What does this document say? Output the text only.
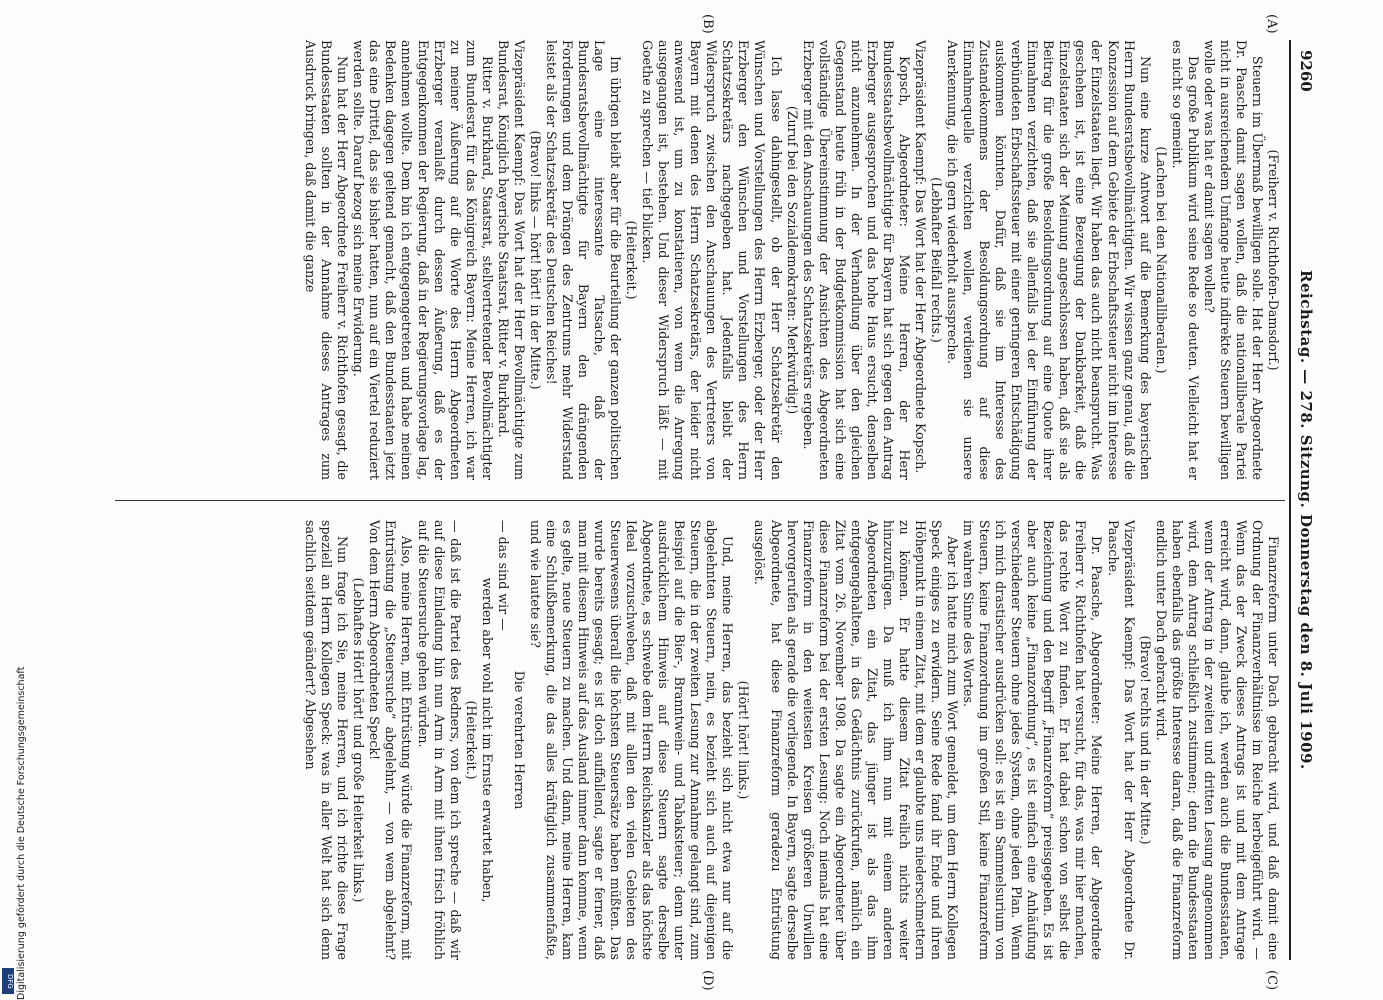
9260
Reichstag. — 278. Sitzung. Donnerstag den 8. Juli 1909.
(A)
(B)
(C)
(D)

(Freiherr v. Richthofen-Damsdorf.)

Steuern im Übermaß bewilligen solle. Hat der Herr Abgeordnete Dr. Paasche damit sagen wollen, daß die nationalliberale Partei nicht in ausreichendem Umfange heute indirekte Steuern bewilligen wolle oder was hat er damit sagen wollen?

Das große Publikum wird seine Rede so deuten. Vielleicht hat er es nicht so gemeint.

(Lachen bei den Nationalliberalen.)

Nun eine kurze Antwort auf die Bemerkung des bayerischen Herrn Bundesratsbevollmächtigten. Wir wissen ganz genau, daß die Konzession auf dem Gebiete der Erbschaftssteuer nicht im Interesse der Einzelstaaten liegt. Wir haben das auch nicht beansprucht. Was geschehen ist, ist eine Bezeugung der Dankbarkeit, daß die Einzelstaaten sich der Meinung angeschlossen haben, daß sie als Beitrag für die große Besoldungsordnung auf eine Quote ihrer Einnahmen verzichten, daß sie allenfalls bei der Einführung der verbündeten Erbschaftssteuer mit einer geringeren Entschädigung auskommen könnten. Dafür, daß sie im Interesse des Zustandekommens der Besoldungsordnung auf diese Einnahmequelle verzichten wollen, verdienen sie unsere Anerkennung, die ich gern wiederholt ausspreche.

(Lebhafter Beifall rechts.)

Vizepräsident Kaempf: Das Wort hat der Herr Abgeordnete Kopsch.

Kopsch, Abgeordneter: Meine Herren, der Herr Bundesstaatsbevollmächtigte für Bayern hat sich gegen den Antrag Erzberger ausgesprochen und das hohe Haus ersucht, denselben nicht anzunehmen. In der Verhandlung über den gleichen Gegenstand heute früh in der Budgetkommission hat sich eine vollständige Übereinstimmung der Ansichten des Abgeordneten Erzberger mit den Anschauungen des Schatzsekretärs ergeben.

(Zuruf bei den Sozialdemokraten: Merkwürdig!)

Ich lasse dahingestellt, ob der Herr Schatzsekretär den Wünschen und Vorstellungen des Herrn Erzberger, oder der Herr Erzberger den Wünschen und Vorstellungen des Herrn Schatzsekretärs nachgegeben hat. Jedenfalls bleibt der Widerspruch zwischen den Anschauungen des Vertreters von Bayern mit denen des Herrn Schatzsekretärs, der leider nicht anwesend ist, um zu konstatieren, von wem die Anregung ausgegangen ist, bestehen. Und dieser Widerspruch läßt — mit Goethe zu sprechen — tief blicken.

(Heiterkeit.)

Im übrigen bleibt aber für die Beurteilung der ganzen politischen Lage eine interessante Tatsache, daß der Bundesratsbevollmächtigte für Bayern den drängenden Forderungen und dem Drängen des Zentrums mehr Widerstand leistet als der Schatzsekretär des Deutschen Reiches!

(Bravo! links — hört! hört! in der Mitte.)

Vizepräsident Kaempf: Das Wort hat der Herr Bevollmächtigte zum Bundesrat, Königlich bayerische Staatsrat, Ritter v. Burkhard.

Ritter v. Burkhard, Staatsrat, stellvertretender Bevollmächtigter zum Bundesrat für das Königreich Bayern: Meine Herren, ich war zu meiner Äußerung auf die Worte des Herrn Abgeordneten Erzberger veranlaßt durch dessen Äußerung, daß es der Entgegenkommen der Regierung, daß in der Regierungsvorlage lag, annehmen wollte. Dem bin ich entgegengetreten und habe meinen Bedenken dagegen geltend gemacht, daß den Bundesstaaten jetzt das eine Drittel, das sie bisher hatten, nun auf ein Viertel reduziert werden sollte. Darauf bezog sich meine Erwiderung.

Nun hat der Herr Abgeordnete Freiherr v. Richthofen gesagt, die Bundesstaaten sollten in der Annahme dieses Antrages zum Ausdruck bringen, daß damit die ganze

Finanzreform unter Dach gebracht wird, und daß damit eine Ordnung der Finanzverhältnisse im Reiche herbeigeführt wird. — Wenn das der Zweck dieses Antrags ist und mit dem Antrage erreicht wird, dann, glaube ich, werden auch die Bundesstaaten, wenn der Antrag in der zweiten und dritten Lesung angenommen wird, dem Antrag schließlich zustimmen; denn die Bundesstaaten haben ebenfalls das größte Interesse daran, daß die Finanzreform endlich unter Dach gebracht wird.

(Bravo! rechts und in der Mitte.)

Vizepräsident Kaempf: Das Wort hat der Herr Abgeordnete Dr. Paasche.

Dr. Paasche, Abgeordneter: Meine Herren, der Abgeordnete Freiherr v. Richthofen hat versucht, für das, was mir hier machen, das rechte Wort zu finden. Er hat dabei schon von selbst die Bezeichnung und den Begriff „Finanzreform“ preisgegeben. Es ist aber auch keine „Finanzordnung“, es ist einfach eine Anhäufung verschiedener Steuern ohne jedes System, ohne jeden Plan. Wenn ich mich drastischer ausdrücken soll: es ist ein Sammelsurium von Steuern, keine Finanzordnung im großen Stil, keine Finanzreform im wahren Sinne des Wortes.

Aber ich hatte mich zum Wort gemeldet, um dem Herrn Kollegen Speck einiges zu erwidern. Seine Rede fand ihr Ende und ihren Höhepunkt in einem Zitat, mit dem er glaubte uns niederschmettern zu können. Er hatte diesem Zitat freilich nichts weiter hinzuzufügen. Da muß ich ihm nun mit einem anderen Abgeordneten ein Zitat, das jünger ist als das ihm entgegengehaltene, in das Gedächtnis zurückrufen, nämlich ein Zitat vom 26. November 1908. Da sagte ein Abgeordneter über diese Finanzreform bei der ersten Lesung: Noch niemals hat eine Finanzreform in den weitesten Kreisen größeren Unwillen hervorgerufen als gerade die vorliegende. In Bayern, sagte derselbe Abgeordnete, hat diese Finanzreform geradezu Entrüstung ausgelöst.

(Hört! hört! links.)

Und, meine Herren, das bezieht sich nicht etwa nur auf die abgelehnten Steuern, nein, es bezieht sich auch auf diejenigen Steuern, die in der zweiten Lesung zur Annahme gelangt sind, zum Beispiel auf die Bier-, Branntwein- und Tabaksteuer; denn unter ausdrücklichem Hinweis auf diese Steuern sagte derselbe Abgeordnete, es schwebe dem Herrn Reichskanzler als das höchste Ideal vorzuschweben, daß mit allen den vielen Gebieten des Steuerwesens überall die höchsten Steuersätze haben müßten. Das wurde bereits gesagt; es ist doch auffallend, sagte er ferner, daß man mit diesem Hinweis auf das Ausland immer dann komme, wenn es gelte, neue Steuern zu machen. Und dann, meine Herren, kam eine Schlußbemerkung, die das alles kräftiglich zusammenfaßte, und wie lautete sie?

Die verehrten Herren

— das sind wir —

werden aber wohl nicht im Ernste erwartet haben,

(Heiterkeit.)

— daß ist die Partei des Redners, von dem ich spreche — daß wir auf diese Einladung hin nun Arm in Arm mit ihnen frisch fröhlich auf die Steuersuche gehen würden.

Also, meine Herren, mit Entrüstung würde die Finanzreform, mit Entrüstung die „Steuersuche“ abgelehnt, — von wem abgelehnt? Von dem Herrn Abgeordneten Speck!

(Lebhaftes Hört! hört! und große Heiterkeit links.)

Nun frage ich Sie, meine Herren, und ich richte diese Frage speziell an Herrn Kollegen Speck: was in aller Welt hat sich denn sachlich seitdem geändert? Abgesehen

Digitalisierung gefördert durch die Deutsche Forschungsgemeinschaft
DFG
